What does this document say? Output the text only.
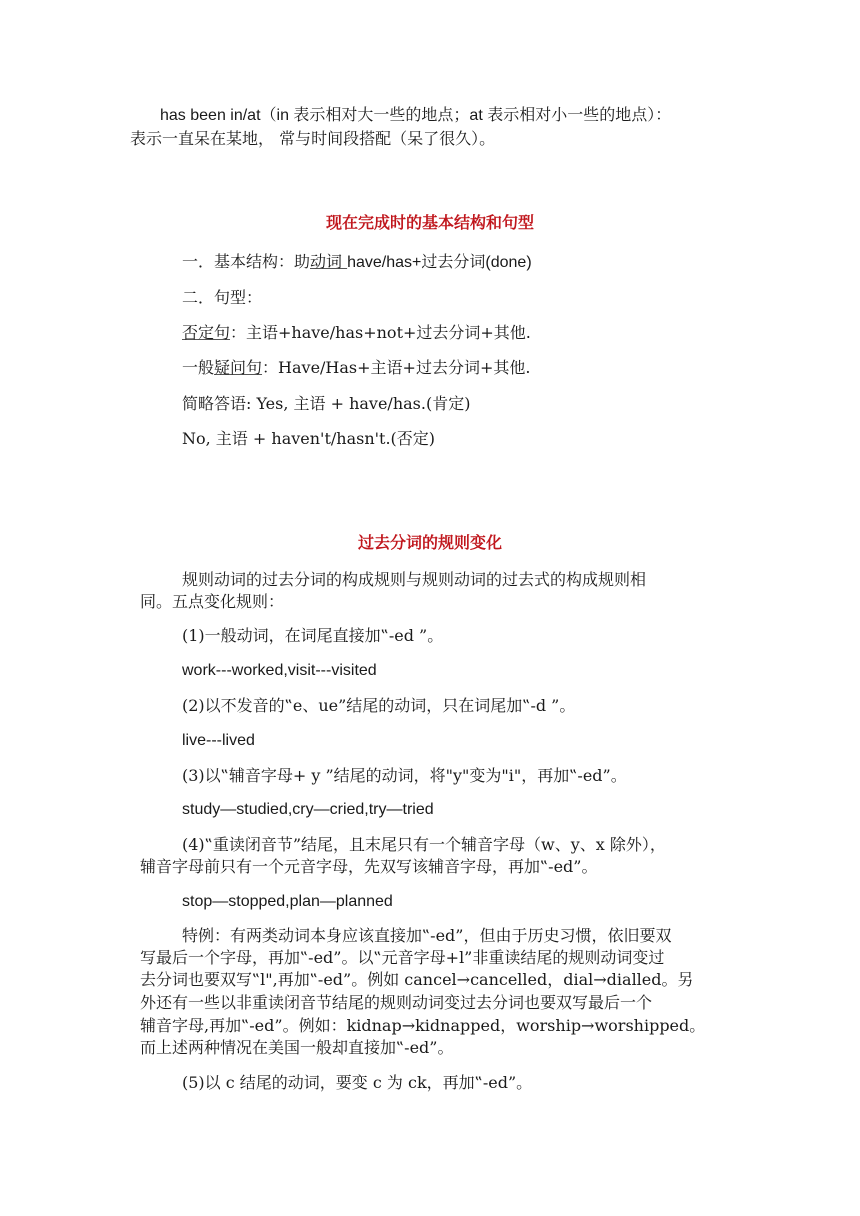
has been in/at（in 表示相对大一些的地点；at 表示相对小一些的地点）：

表示一直呆在某地， 常与时间段搭配（呆了很久）。

现在完成时的基本结构和句型

一．基本结构：助动词 have/has+过去分词(done)

二．句型：

否定句：主语+have/has+not+过去分词+其他.

一般疑问句：Have/Has+主语+过去分词+其他.

简略答语: Yes, 主语 + have/has.(肯定)

No, 主语 + haven't/hasn't.(否定)

过去分词的规则变化

规则动词的过去分词的构成规则与规则动词的过去式的构成规则相

同。五点变化规则：

(1)一般动词，在词尾直接加‟-ed ”。

work---worked,visit---visited

(2)以不发音的‟e、ue”结尾的动词，只在词尾加‟-d ”。

live---lived

(3)以‟辅音字母+ y ”结尾的动词，将"y"变为"i"，再加‟-ed”。

study—studied,cry—cried,try—tried

(4)‟重读闭音节”结尾，且末尾只有一个辅音字母（w、y、x 除外），

辅音字母前只有一个元音字母，先双写该辅音字母，再加‟-ed”。

stop—stopped,plan—planned

特例：有两类动词本身应该直接加‟-ed”，但由于历史习惯，依旧要双

写最后一个字母，再加‟-ed”。以‟元音字母+l”非重读结尾的规则动词变过

去分词也要双写‟l",再加‟-ed”。例如 cancel→cancelled，dial→dialled。另

外还有一些以非重读闭音节结尾的规则动词变过去分词也要双写最后一个

辅音字母,再加‟-ed”。例如：kidnap→kidnapped，worship→worshipped。

而上述两种情况在美国一般却直接加‟-ed”。

(5)以 c 结尾的动词，要变 c 为 ck，再加‟-ed”。
